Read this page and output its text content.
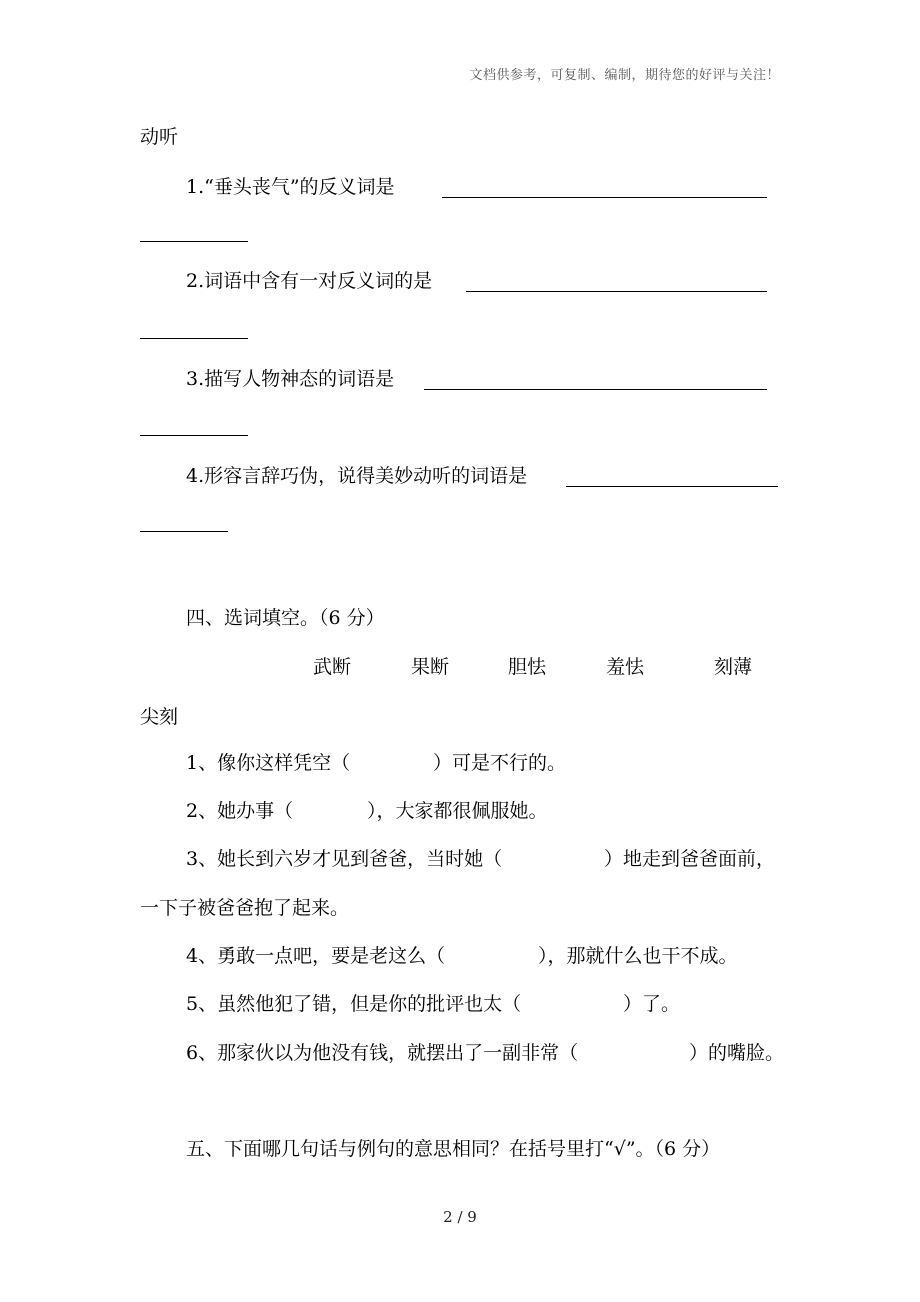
文档供参考，可复制、编制，期待您的好评与关注！
动听
1.“垂头丧气”的反义词是
2.词语中含有一对反义词的是
3.描写人物神态的词语是
4.形容言辞巧伪，说得美妙动听的词语是
四、选词填空。（6 分）
武断	果断	胆怯	羞怯	刻薄
尖刻
1、像你这样凭空（	）可是不行的。
2、她办事（	），大家都很佩服她。
3、她长到六岁才见到爸爸，当时她（	）地走到爸爸面前，
一下子被爸爸抱了起来。
4、勇敢一点吧，要是老这么（	），那就什么也干不成。
5、虽然他犯了错，但是你的批评也太（	）了。
6、那家伙以为他没有钱，就摆出了一副非常（	）的嘴脸。
五、下面哪几句话与例句的意思相同？在括号里打“√”。（6 分）
2 / 9
